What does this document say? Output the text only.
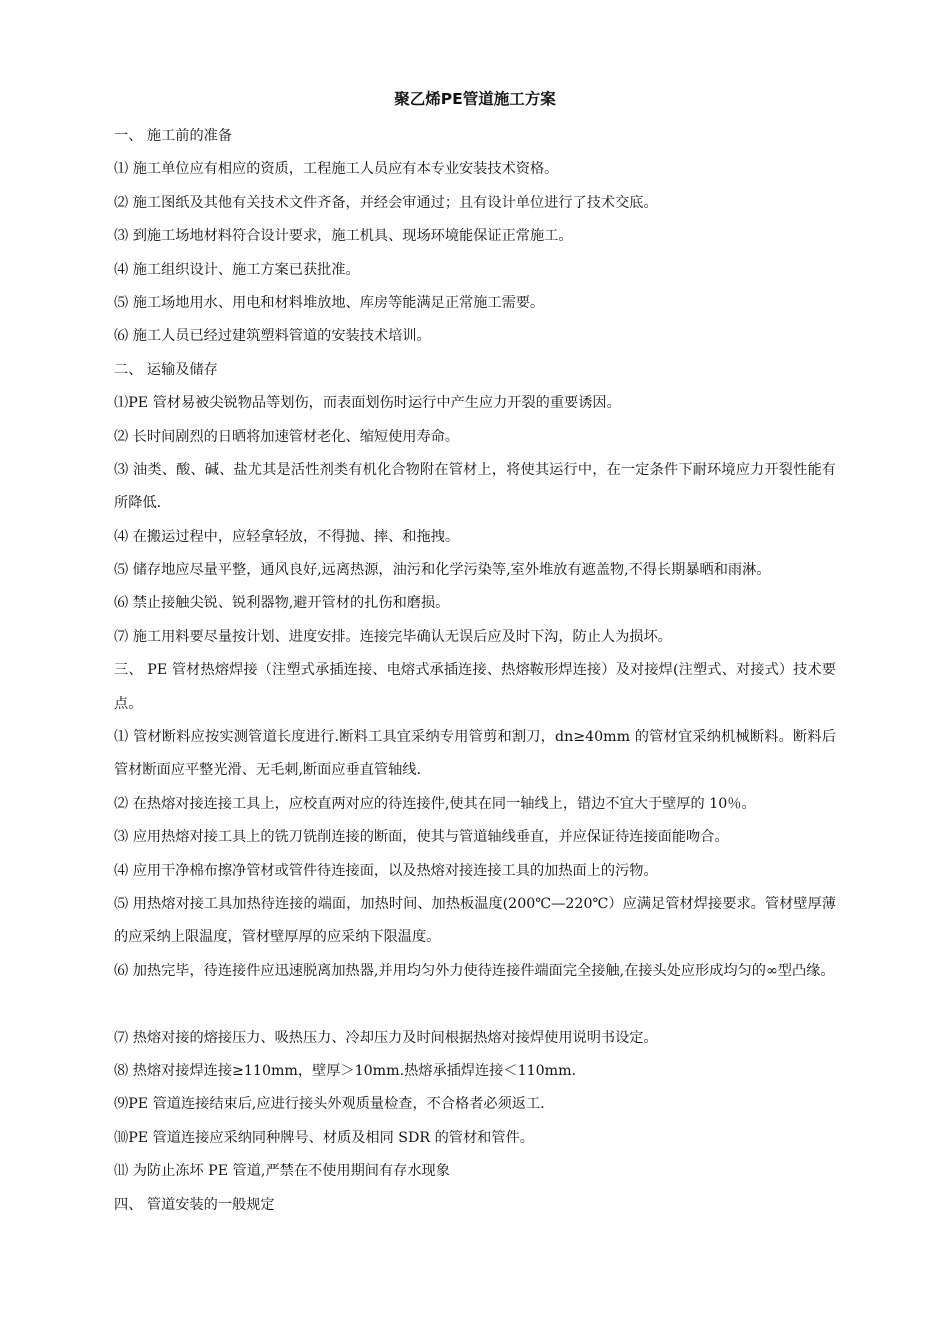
聚乙烯PE管道施工方案
一、 施工前的准备
⑴ 施工单位应有相应的资质，工程施工人员应有本专业安装技术资格。
⑵ 施工图纸及其他有关技术文件齐备，并经会审通过；且有设计单位进行了技术交底。
⑶ 到施工场地材料符合设计要求，施工机具、现场环境能保证正常施工。
⑷ 施工组织设计、施工方案已获批准。
⑸ 施工场地用水、用电和材料堆放地、库房等能满足正常施工需要。
⑹ 施工人员已经过建筑塑料管道的安装技术培训。
二、 运输及储存
⑴PE 管材易被尖锐物品等划伤，而表面划伤时运行中产生应力开裂的重要诱因。
⑵ 长时间剧烈的日晒将加速管材老化、缩短使用寿命。
⑶ 油类、酸、碱、盐尤其是活性剂类有机化合物附在管材上，将使其运行中，在一定条件下耐环境应力开裂性能有所降低.
⑷ 在搬运过程中，应轻拿轻放，不得抛、摔、和拖拽。
⑸ 储存地应尽量平整，通风良好,远离热源，油污和化学污染等,室外堆放有遮盖物,不得长期暴晒和雨淋。
⑹ 禁止接触尖锐、锐利器物,避开管材的扎伤和磨损。
⑺ 施工用料要尽量按计划、进度安排。连接完毕确认无误后应及时下沟，防止人为损坏。
三、 PE 管材热熔焊接（注塑式承插连接、电熔式承插连接、热熔鞍形焊连接）及对接焊(注塑式、对接式）技术要点。
⑴ 管材断料应按实测管道长度进行.断料工具宜采纳专用管剪和割刀，dn≥40mm 的管材宜采纳机械断料。断料后管材断面应平整光滑、无毛刺,断面应垂直管轴线.
⑵ 在热熔对接连接工具上，应校直两对应的待连接件,使其在同一轴线上，错边不宜大于壁厚的 10％。
⑶ 应用热熔对接工具上的铣刀铣削连接的断面，使其与管道轴线垂直，并应保证待连接面能吻合。
⑷ 应用干净棉布擦净管材或管件待连接面，以及热熔对接连接工具的加热面上的污物。
⑸ 用热熔对接工具加热待连接的端面，加热时间、加热板温度(200℃—220℃）应满足管材焊接要求。管材壁厚薄的应采纳上限温度，管材壁厚厚的应采纳下限温度。
⑹ 加热完毕，待连接件应迅速脱离加热器,并用均匀外力使待连接件端面完全接触,在接头处应形成均匀的∞型凸缘。
⑺ 热熔对接的熔接压力、吸热压力、冷却压力及时间根据热熔对接焊使用说明书设定。
⑻ 热熔对接焊连接≥110mm，壁厚＞10mm.热熔承插焊连接＜110mm.
⑼PE 管道连接结束后,应进行接头外观质量检查，不合格者必须返工.
⑽PE 管道连接应采纳同种牌号、材质及相同 SDR 的管材和管件。
⑾ 为防止冻坏 PE 管道,严禁在不使用期间有存水现象
四、 管道安装的一般规定
